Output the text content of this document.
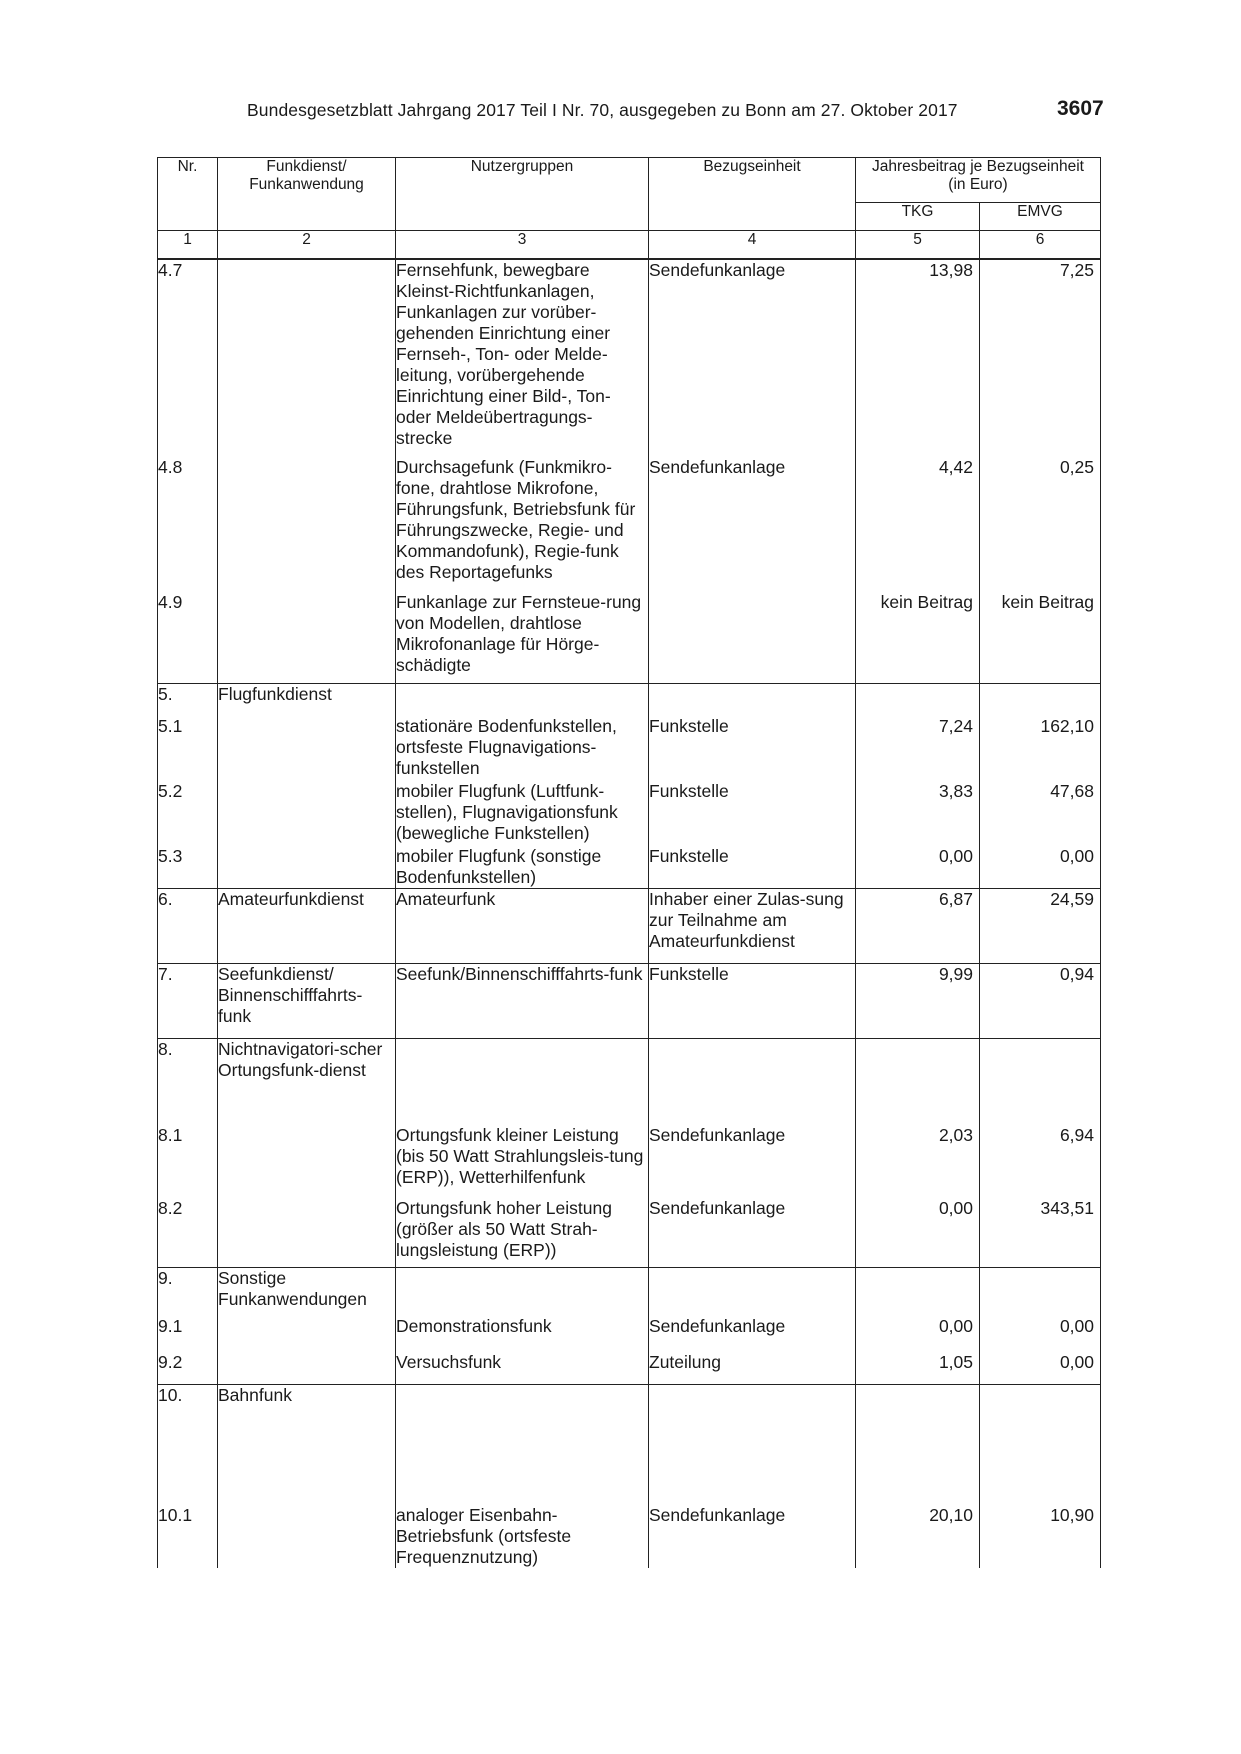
Bundesgesetzblatt Jahrgang 2017 Teil I Nr. 70, ausgegeben zu Bonn am 27. Oktober 2017	3607
Nr.	Funkdienst/ Funkanwendung	Nutzergruppen	Bezugseinheit	Jahresbeitrag je Bezugseinheit (in Euro)	
				TKG	EMVG
1	2	3	4	5	6
4.7		Fernsehfunk, bewegbare Kleinst-Richtfunkanlagen, Funkanlagen zur vorüber-gehenden Einrichtung einer Fernseh-, Ton- oder Melde-leitung, vorübergehende Einrichtung einer Bild-, Ton- oder Meldeübertragungs-strecke	Sendefunkanlage	13,98	7,25
4.8		Durchsagefunk (Funkmikro-fone, drahtlose Mikrofone, Führungsfunk, Betriebsfunk für Führungszwecke, Regie- und Kommandofunk), Regie-funk des Reportagefunks	Sendefunkanlage	4,42	0,25
4.9		Funkanlage zur Fernsteue-rung von Modellen, drahtlose Mikrofonanlage für Hörge-schädigte		kein Beitrag	kein Beitrag
5.	Flugfunkdienst				
5.1		stationäre Bodenfunkstellen, ortsfeste Flugnavigations-funkstellen	Funkstelle	7,24	162,10
5.2		mobiler Flugfunk (Luftfunk-stellen), Flugnavigationsfunk (bewegliche Funkstellen)	Funkstelle	3,83	47,68
5.3		mobiler Flugfunk (sonstige Bodenfunkstellen)	Funkstelle	0,00	0,00
6.	Amateurfunkdienst	Amateurfunk	Inhaber einer Zulas-sung zur Teilnahme am Amateurfunkdienst	6,87	24,59
7.	Seefunkdienst/ Binnenschifffahrts-funk	Seefunk/Binnenschifffahrts-funk	Funkstelle	9,99	0,94
8.	Nichtnavigatori-scher Ortungsfunk-dienst				
8.1		Ortungsfunk kleiner Leistung (bis 50 Watt Strahlungsleis-tung (ERP)), Wetterhilfenfunk	Sendefunkanlage	2,03	6,94
8.2		Ortungsfunk hoher Leistung (größer als 50 Watt Strah-lungsleistung (ERP))	Sendefunkanlage	0,00	343,51
9.	Sonstige Funkanwendungen				
9.1		Demonstrationsfunk	Sendefunkanlage	0,00	0,00
9.2		Versuchsfunk	Zuteilung	1,05	0,00
10.	Bahnfunk				
10.1		analoger Eisenbahn-Betriebsfunk (ortsfeste Frequenznutzung)	Sendefunkanlage	20,10	10,90
